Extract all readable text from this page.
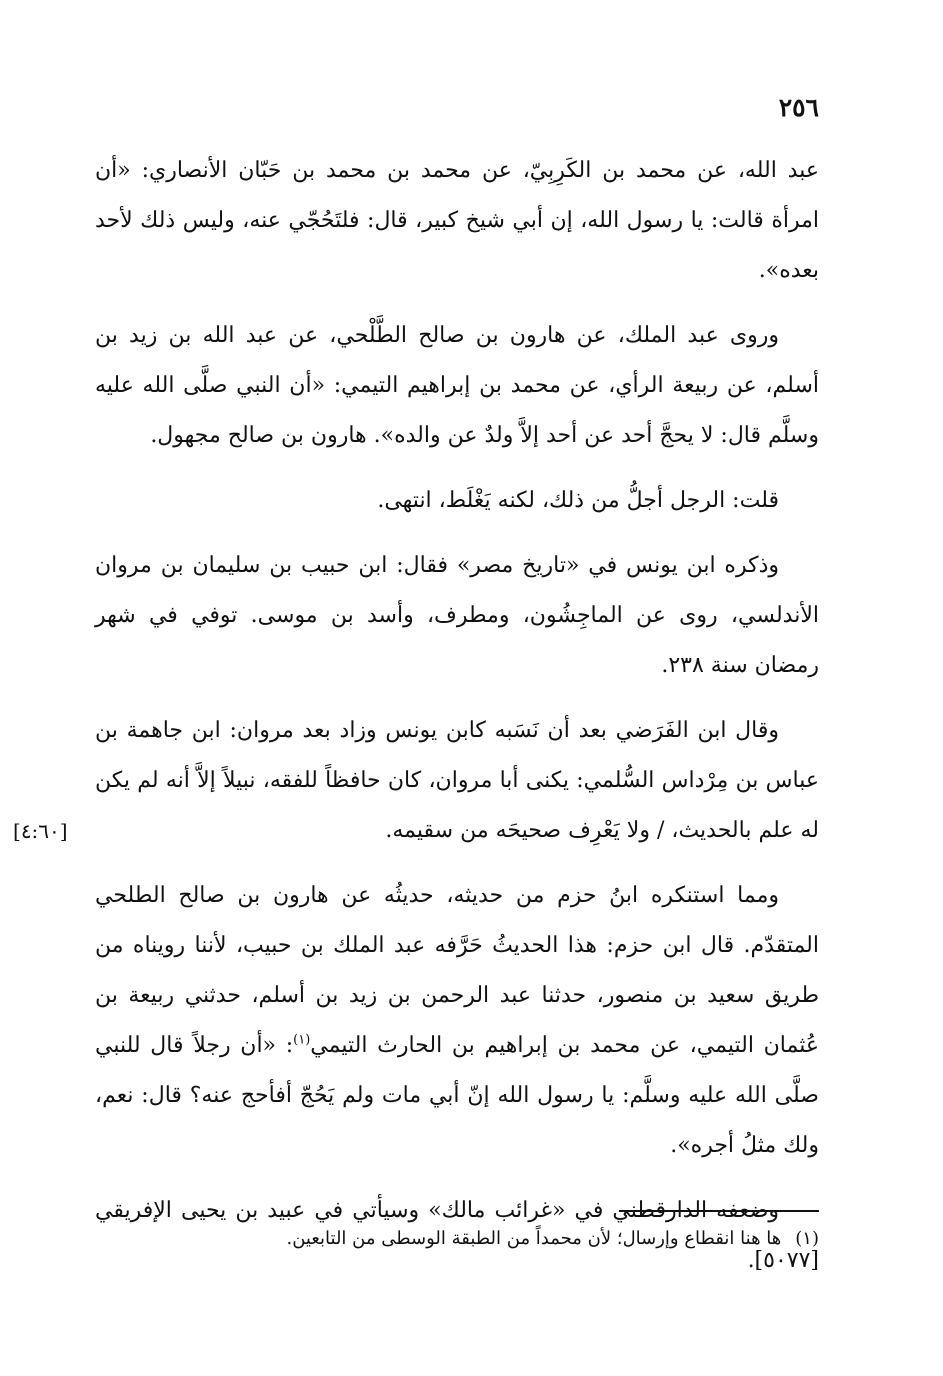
٢٥٦

عبد الله، عن محمد بن الكَرِبِيّ، عن محمد بن محمد بن حَبّان الأنصاري: «أن امرأة قالت: يا رسول الله، إن أبي شيخ كبير، قال: فلتَحُجّي عنه، وليس ذلك لأحد بعده».

وروى عبد الملك، عن هارون بن صالح الطَّلْحي، عن عبد الله بن زيد بن أسلم، عن ربيعة الرأي، عن محمد بن إبراهيم التيمي: «أن النبي صلَّى الله عليه وسلَّم قال: لا يحجَّ أحد عن أحد إلاَّ ولدٌ عن والده». هارون بن صالح مجهول.

قلت: الرجل أجلُّ من ذلك، لكنه يَغْلَط، انتهى.

وذكره ابن يونس في «تاريخ مصر» فقال: ابن حبيب بن سليمان بن مروان الأندلسي، روى عن الماجِشُون، ومطرف، وأسد بن موسى. توفي في شهر رمضان سنة ٢٣٨.

وقال ابن الفَرَضي بعد أن نَسَبه كابن يونس وزاد بعد مروان: ابن جاهمة بن عباس بن مِرْداس السُّلمي: يكنى أبا مروان، كان حافظاً للفقه، نبيلاً إلاَّ أنه لم يكن له علم بالحديث، / ولا يَعْرِف صحيحَه من سقيمه.
[٤:٦٠]

ومما استنكره ابنُ حزم من حديثه، حديثُه عن هارون بن صالح الطلحي المتقدّم. قال ابن حزم: هذا الحديثُ حَرَّفه عبد الملك بن حبيب، لأننا رويناه من طريق سعيد بن منصور، حدثنا عبد الرحمن بن زيد بن أسلم، حدثني ربيعة بن عُثمان التيمي، عن محمد بن إبراهيم بن الحارث التيمي$^{(١)}$: «أن رجلاً قال للنبي صلَّى الله عليه وسلَّم: يا رسول الله إنّ أبي مات ولم يَحُجّ أفأحج عنه؟ قال: نعم، ولك مثلُ أجره».

وضعفه الدارقطني في «غرائب مالك» وسيأتي في عبيد بن يحيى الإفريقي [٥٠٧٧].

(١)ها هنا انقطاع وإرسال؛ لأن محمداً من الطبقة الوسطى من التابعين.
